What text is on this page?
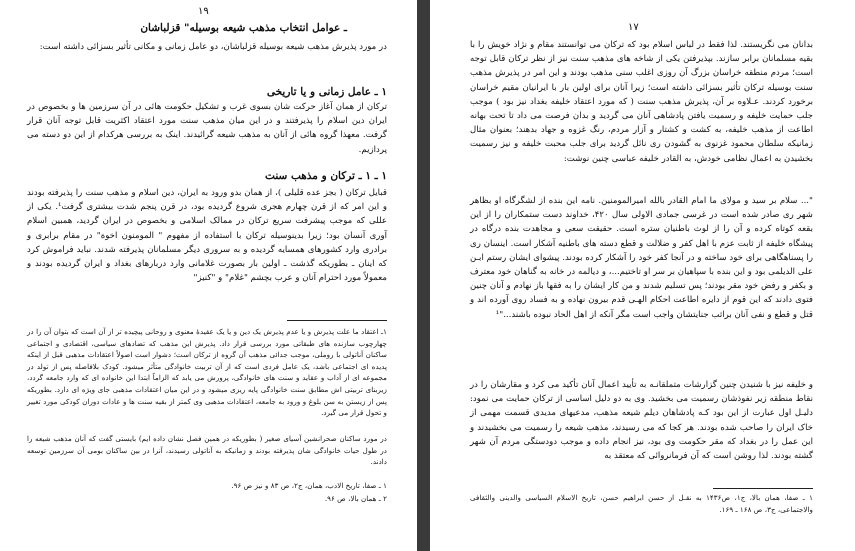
۱۹
ـ عوامل انتخاب مذهب شیعه بوسیله" قزلباشان
در مورد پذیرش مذهب شیعه بوسیله قزلباشان، دو عامل زمانی و مکانی تأثیر بسزائی داشته است:
۱ ـ عامل زمانی و یا تاریخی
ترکان از همان آغاز حرکت شان بسوی غرب و تشکیل حکومت هائی در آن سرزمین ها و بخصوص در ایران دین اسلام را پذیرفتند و در این میان مذهب سنت مورد اعتقاد اکثریت قابل توجه آنان قرار گرفت. معهذا گروه هائی از آنان به مذهب شیعه گرائیدند. اینک به بررسی هرکدام از این دو دسته می پردازیم.
۱ ـ ۱ ـ ترکان و مذهب سنت
قبایل ترکان ( بجز عده قلیلی )، از همان بدو ورود به ایران، دین اسلام و مذهب سنت را پذیرفته بودند و این امر که از قرن چهارم هجری شروع گردیده بود، در قرن پنجم شدت بیشتری گرفت¹. یکی از عللی که موجب پیشرفت سریع ترکان در ممالک اسلامی و بخصوص در ایران گردید، همبین اسلام آوری آنسان بود؛ زیرا بدینوسیله ترکان با استفاده از مفهوم " المومنون اخوة" در مقام برابری و برادری وارد کشورهای همسایه گردیده و به سروری دیگر مسلمانان پذیرفته شدند. نباید فراموش کرد که اینان ـ بطوریکه گذشت ـ اولین بار بصورت غلامانی وارد دربارهای بغداد و ایران گردیده بودند و معمولاً مورد احترام آنان و عرب بچشم "غلام" و "کنیز"
۱ـ اعتقاد ما علت پذیرش و یا عدم پذیرش یک دین و یا یک عقیدۀ معنوی و روحانی پیچیده تر از آن است که بتوان آن را در چهارچوب سازنده های طبقاتی مورد بررسی قرار داد. پذیرش این مذهب که تضادهای سیاسی، اقتصادی و اجتماعی ساکنان آناتولی با روملی، موجب جدائی مذهب آن گروه از ترکان است؛ دشوار است اصولاً اعتقادات مذهبی قبل از اینکه پدیده ای اجتماعی باشد، یک عامل فردی است که از آن تربیت خانوادگی متأثر میشود. کودک بلافاصله پس از تولد در مجموعه ای از آداب و عقاید و سنت های خانوادگی، پرورش می یابد که الزاماً ابتدا این خانواده ای که وارد جامعه گردد، زیربنای تربیتی اش مطابق سنت خانوادگی پایه ریزی میشود و در این میان اعتقادات مذهبی جای ویژه ای دارد. بطوریکه پس از زیستن به سن بلوغ و ورود به جامعه، اعتقادات مذهبی وی کمتر از بقیه سنت ها و عادات دوران کودکی مورد تغییر و تحول قرار می گیرد.
در مورد ساکنان صحرانشین آسیای صغیر ( بطوریکه در همین فصل نشان داده ایم) بایستی گفت که آنان مذهب شیعه را در طول حیات خانوادگی شان پذیرفته بودند و زمانیکه به آناتولی رسیدند، آنرا در بین ساکنان بومی آن سرزمین توسعه دادند.
۱ ـ صفا، تاریخ الادب، همان، ج۲، ص ۸۳ و نیز ص ۹۶.
۲ ـ همان بالا، ص ۹۶.
۱۷
بدانان می نگریستند. لذا فقط در لباس اسلام بود که ترکان می توانستند مقام و نژاد خویش را با بقیه مسلمانان برابر سازند. بپذیرفتن یکی از شاخه های مذهب سنت نیز از نظر ترکان قابل توجه است؛ مردم منطقه خراسان بزرگ آن روزی اغلب سنی مذهب بودند و این امر در پذیرش مذهب سنت بوسیله ترکان تأثیر بسزائی داشته است؛ زیرا آنان برای اولین بار با ایرانیان مقیم خراسان برخورد کردند. عـلاوه بر آن، پذیرش مذهب سنت ( که مورد اعتقاد خلیفه بغداد نیز بود ) موجب جلب حمایت خلیفه و رسمیت یافتن پادشاهی آنان می گردید و بدان فرصت می داد تا تحت بهانه اطاعت از مذهب خلیفه، به کشت و کشتار و آزار مردم، رنگ غزوه و جهاد بدهند؛ بعنوان مثال زمانیکه سلطان محمود غزنوی به گشودن ری نائل گردید برای جلب محبت خلیفه و نیز رسمیت بخشیدن به اعمال نظامی خودش، به القادر خلیفه عباسی چنین نوشت:
"... سلام بر سید و مولای ما امام القادر بالله امیرالمومنین. نامه این بنده از لشگرگاه او بظاهر شهر ری صادر شده است در غرسی جمادی الاولی سال ۴۲۰، خداوند دست ستمکاران را از این بقعه کوتاه کرده و آن را از لوث باطنیان ستره است. حقیقت سعی و مجاهدت بنده درگاه در پیشگاه خلیفه از ثابت عزم با اهل کفر و ضلالت و قطع دسته های باطنیه آشکار است. اینسان ری را پسناهگاهی برای خود ساخته و در آنجا کفر خود را آشکار کرده بودند. پیشوای ایشان رستم ابـن علی الدیلمی بود و این بنده با سپاهیان بر سر او تاختیم...، و دیالمه در خانه به گناهان خود معترف و بکفر و رفض خود مقر بودند؛ پس تسلیم شدند و من کار ایشان را به فقها باز نهادم و آنان چنین فتوی دادند که این قوم از دایره اطاعت احکام الهـی قدم بیرون نهاده و به فساد روی آورده اند و قتل و قطع و نفی آنان براثب جنایتشان واجب است مگر آنکه از اهل الحاد نبوده باشند..."¹
و خلیفه نیز با شنیدن چنین گزارشات متملقانـه به تأیید اعمال آنان تأکید می کرد و مقارشان را در نقاط منطقه زیر نفوذشان رسمیت می بخشید. وی به دو دلیل اساسی از ترکان حمایت می نمود: دلیـل اول عبارت از این بود کـه پادشاهان دیلم شیعه مذهب، مدعیهای مدیدی قسمت مهمی از خاک ایران را صاحب شده بودند. هر کجا که می رسیدند، مذهب شیعه را رسمیت می بخشیدند و این عمل را در بغداد که مقر حکومت وی بود، نیز انجام داده و موجب دودستگی مردم آن شهر گشته بودند. لذا روشن است که آن فرمانروائی که معتقد به
۱ ـ صفا، همان بالا، ج۱، ص۱۴۳۶ به نقـل از حسن ابراهیم حسن، تاریخ الاسلام السیاسی والدینی والثقافی والاجتماعی، ج۳، ص ۱۶۸ ـ ۱۶۹.
